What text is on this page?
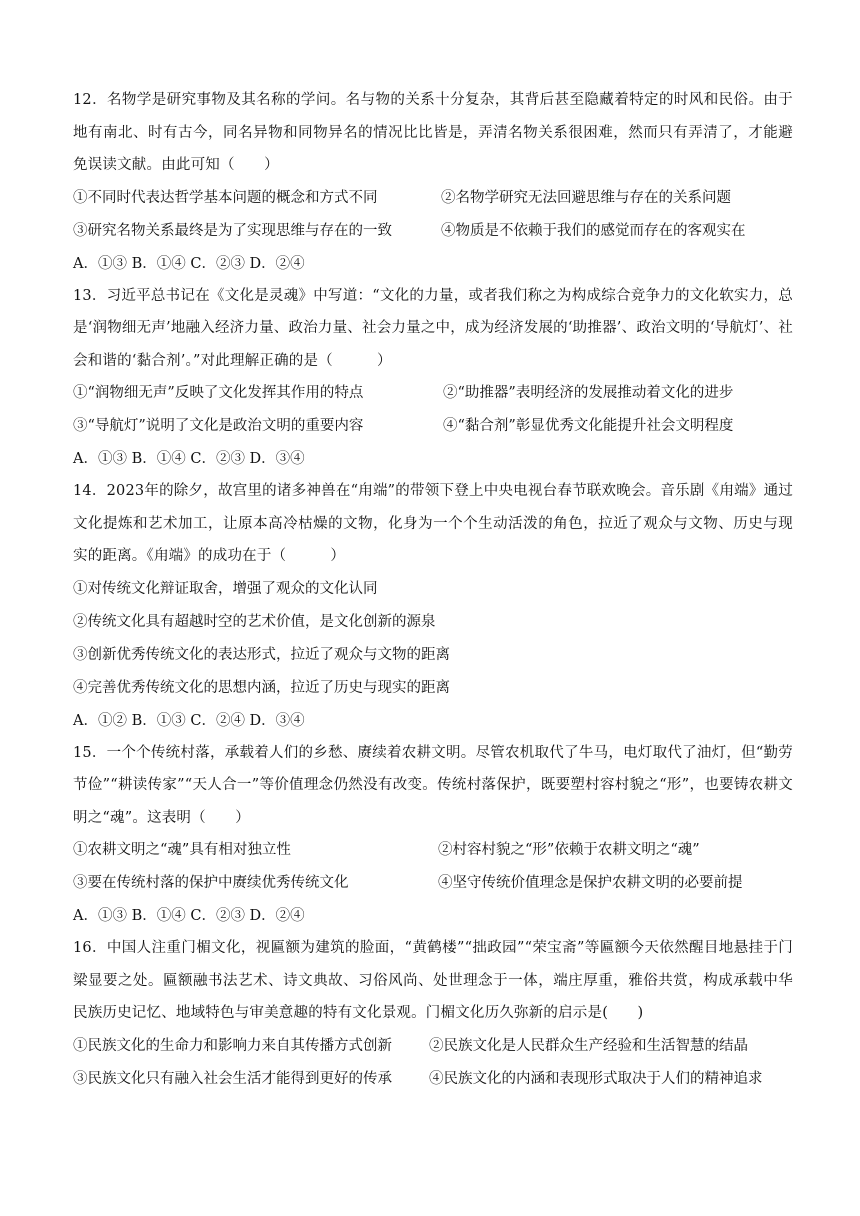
12．名物学是研究事物及其名称的学问。名与物的关系十分复杂，其背后甚至隐藏着特定的时风和民俗。由于地有南北、时有古今，同名异物和同物异名的情况比比皆是，弄清名物关系很困难，然而只有弄清了，才能避免误读文献。由此可知（　　）

①不同时代表达哲学基本问题的概念和方式不同	②名物学研究无法回避思维与存在的关系问题
③研究名物关系最终是为了实现思维与存在的一致	④物质是不依赖于我们的感觉而存在的客观实在

A．①③ B．①④ C．②③ D．②④

13．习近平总书记在《文化是灵魂》中写道：“文化的力量，或者我们称之为构成综合竞争力的文化软实力，总是‘润物细无声’地融入经济力量、政治力量、社会力量之中，成为经济发展的‘助推器’、政治文明的‘导航灯’、社会和谐的‘黏合剂’。”对此理解正确的是（　　　）

①“润物细无声”反映了文化发挥其作用的特点	②“助推器”表明经济的发展推动着文化的进步
③“导航灯”说明了文化是政治文明的重要内容	④“黏合剂”彰显优秀文化能提升社会文明程度

A．①③ B．①④ C．②③ D．③④

14．2023年的除夕，故宫里的诸多神兽在“甪端”的带领下登上中央电视台春节联欢晚会。音乐剧《甪端》通过文化提炼和艺术加工，让原本高冷枯燥的文物，化身为一个个生动活泼的角色，拉近了观众与文物、历史与现实的距离。《甪端》的成功在于（　　　）

①对传统文化辩证取舍，增强了观众的文化认同
②传统文化具有超越时空的艺术价值，是文化创新的源泉
③创新优秀传统文化的表达形式，拉近了观众与文物的距离
④完善优秀传统文化的思想内涵，拉近了历史与现实的距离

A．①② B．①③ C．②④ D．③④

15．一个个传统村落，承载着人们的乡愁、赓续着农耕文明。尽管农机取代了牛马，电灯取代了油灯，但“勤劳节俭”“耕读传家”“天人合一”等价值理念仍然没有改变。传统村落保护，既要塑村容村貌之“形”，也要铸农耕文明之“魂”。这表明（　　）

①农耕文明之“魂”具有相对独立性	②村容村貌之“形”依赖于农耕文明之“魂”
③要在传统村落的保护中赓续优秀传统文化	④坚守传统价值理念是保护农耕文明的必要前提

A．①③ B．①④ C．②③ D．②④

16．中国人注重门楣文化，视匾额为建筑的脸面，“黄鹤楼”“拙政园”“荣宝斋”等匾额今天依然醒目地悬挂于门梁显要之处。匾额融书法艺术、诗文典故、习俗风尚、处世理念于一体，端庄厚重，雅俗共赏，构成承载中华民族历史记忆、地域特色与审美意趣的特有文化景观。门楣文化历久弥新的启示是(　　)

①民族文化的生命力和影响力来自其传播方式创新	②民族文化是人民群众生产经验和生活智慧的结晶
③民族文化只有融入社会生活才能得到更好的传承	④民族文化的内涵和表现形式取决于人们的精神追求
